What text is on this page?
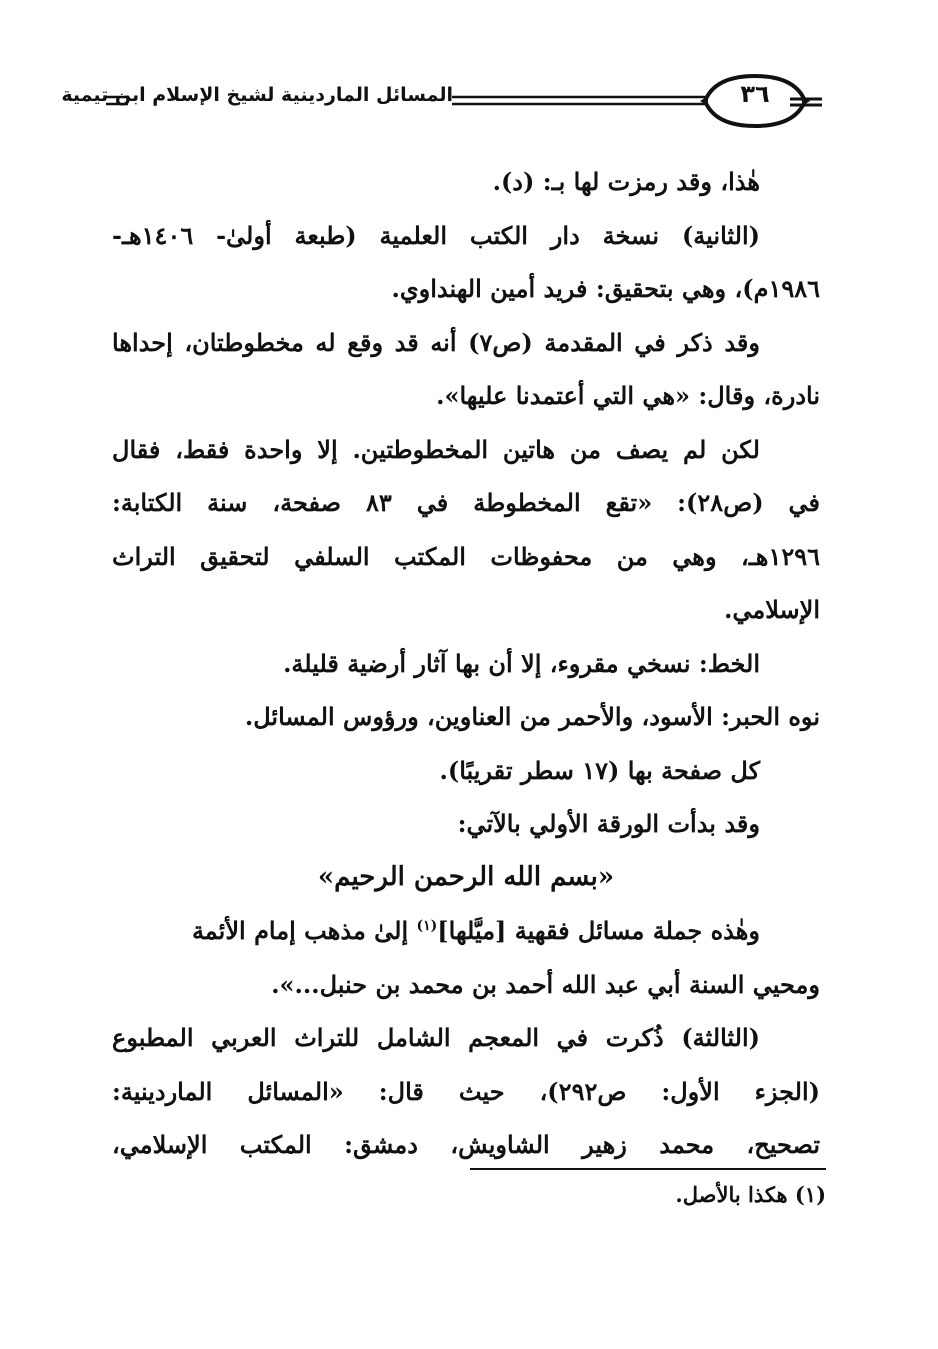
المسائل الماردينية لشيخ الإسلام ابن تيمية	٣٦
هٰذا، وقد رمزت لها بـ: (د).
(الثانية) نسخة دار الكتب العلمية (طبعة أولىٰ- ١٤٠٦هـ-
١٩٨٦م)، وهي بتحقيق: فريد أمين الهنداوي.
وقد ذكر في المقدمة (ص٧) أنه قد وقع له مخطوطتان، إحداها
نادرة، وقال: «هي التي أعتمدنا عليها».
لكن لم يصف من هاتين المخطوطتين. إلا واحدة فقط، فقال
في (ص٢٨): «تقع المخطوطة في ٨٣ صفحة، سنة الكتابة:
١٢٩٦هـ، وهي من محفوظات المكتب السلفي لتحقيق التراث
الإسلامي.
الخط: نسخي مقروء، إلا أن بها آثار أرضية قليلة.
نوه الحبر: الأسود، والأحمر من العناوين، ورؤوس المسائل.
كل صفحة بها (١٧ سطر تقريبًا).
وقد بدأت الورقة الأولي بالآتي:
«بسم الله الرحمن الرحيم»
وهٰذه جملة مسائل فقهية [ميَّلها]$^{(١)}$ إلىٰ مذهب إمام الأئمة
ومحيي السنة أبي عبد الله أحمد بن محمد بن حنبل...».
(الثالثة) ذُكرت في المعجم الشامل للتراث العربي المطبوع
(الجزء الأول: ص٢٩٢)، حيث قال: «المسائل الماردينية:
تصحيح، محمد زهير الشاويش، دمشق: المكتب الإسلامي،
(١) هكذا بالأصل.
